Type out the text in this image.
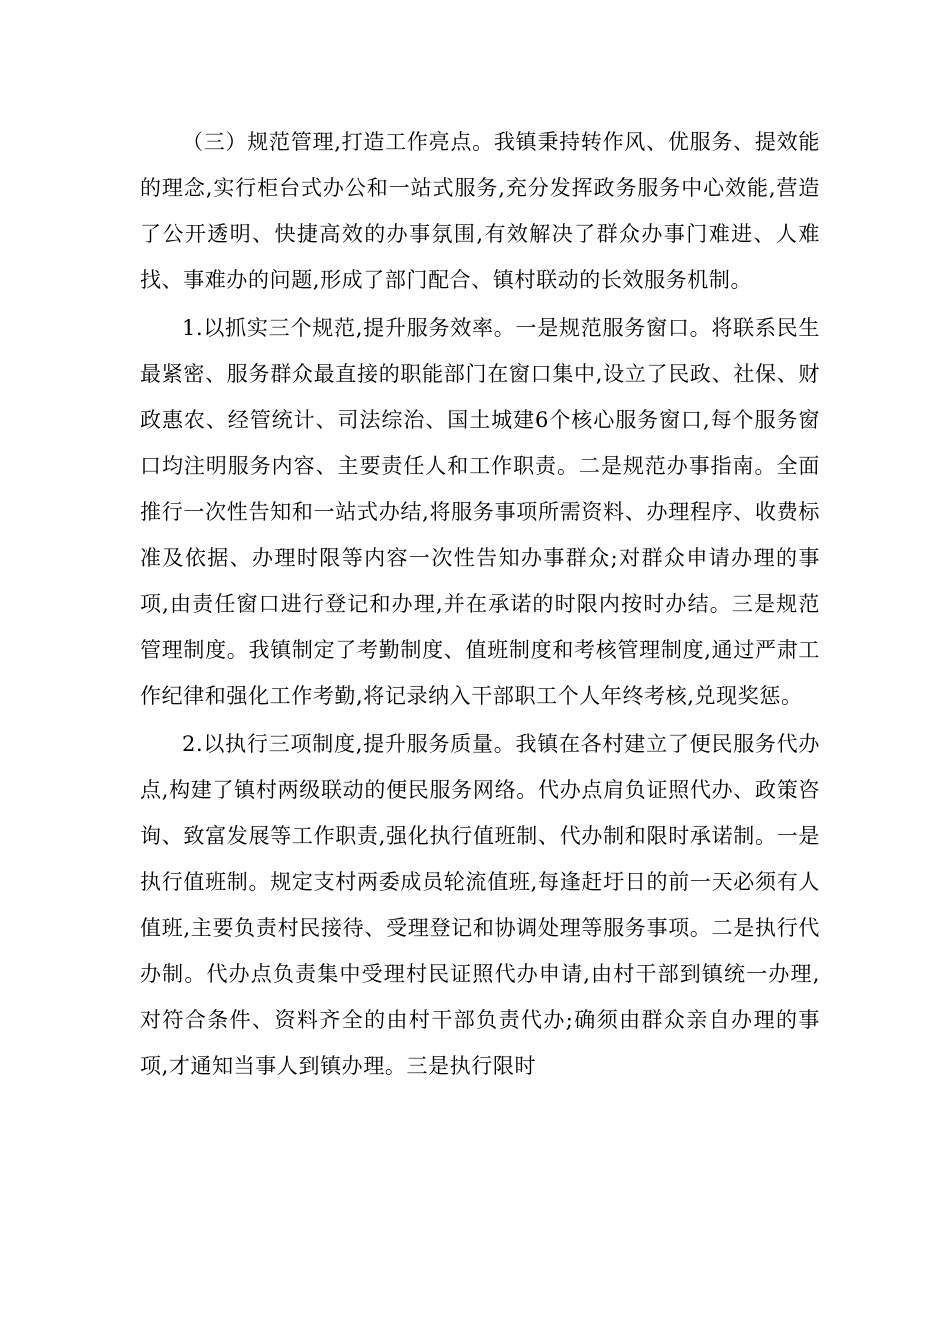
（三）规范管理,打造工作亮点。我镇秉持转作风、优服务、提效能的理念,实行柜台式办公和一站式服务,充分发挥政务服务中心效能,营造了公开透明、快捷高效的办事氛围,有效解决了群众办事门难进、人难找、事难办的问题,形成了部门配合、镇村联动的长效服务机制。

1.以抓实三个规范,提升服务效率。一是规范服务窗口。将联系民生最紧密、服务群众最直接的职能部门在窗口集中,设立了民政、社保、财政惠农、经管统计、司法综治、国土城建6个核心服务窗口,每个服务窗口均注明服务内容、主要责任人和工作职责。二是规范办事指南。全面推行一次性告知和一站式办结,将服务事项所需资料、办理程序、收费标准及依据、办理时限等内容一次性告知办事群众;对群众申请办理的事项,由责任窗口进行登记和办理,并在承诺的时限内按时办结。三是规范管理制度。我镇制定了考勤制度、值班制度和考核管理制度,通过严肃工作纪律和强化工作考勤,将记录纳入干部职工个人年终考核,兑现奖惩。

2.以执行三项制度,提升服务质量。我镇在各村建立了便民服务代办点,构建了镇村两级联动的便民服务网络。代办点肩负证照代办、政策咨询、致富发展等工作职责,强化执行值班制、代办制和限时承诺制。一是执行值班制。规定支村两委成员轮流值班,每逢赶圩日的前一天必须有人值班,主要负责村民接待、受理登记和协调处理等服务事项。二是执行代办制。代办点负责集中受理村民证照代办申请,由村干部到镇统一办理,对符合条件、资料齐全的由村干部负责代办;确须由群众亲自办理的事项,才通知当事人到镇办理。三是执行限时
